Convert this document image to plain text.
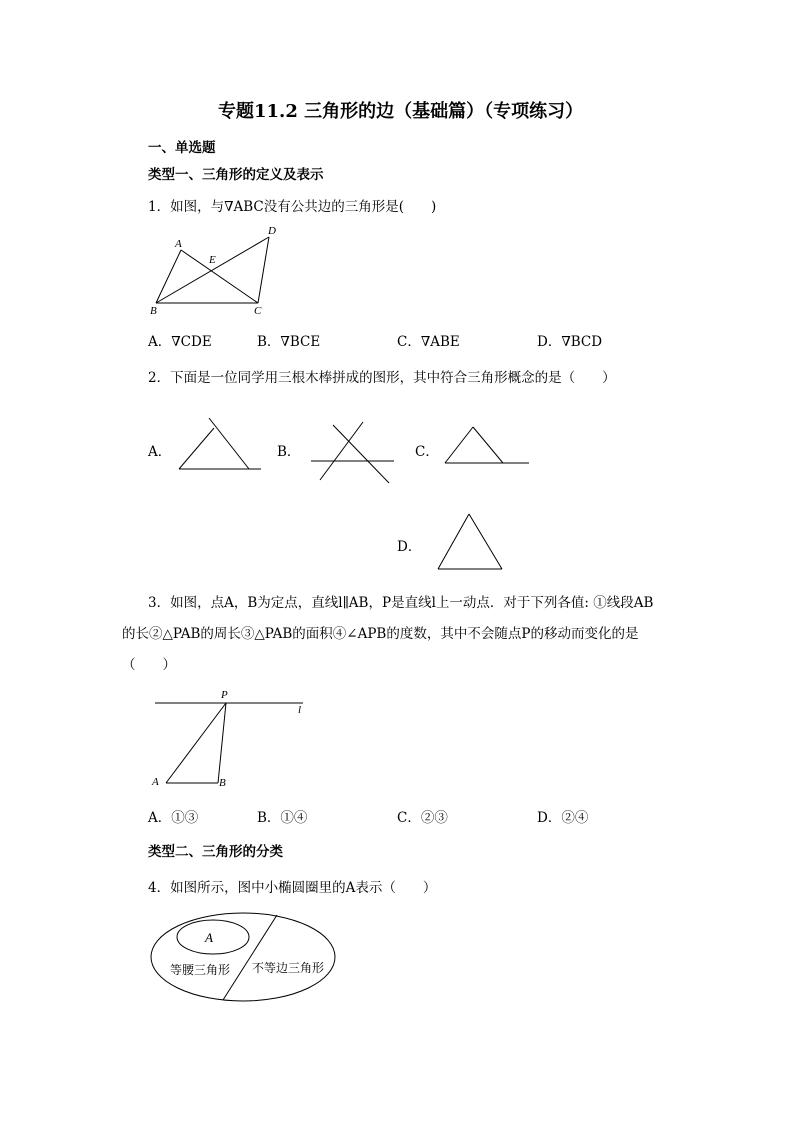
专题11.2 三角形的边（基础篇）（专项练习）
一、单选题
类型一、三角形的定义及表示
1．如图，与∇ABC没有公共边的三角形是(　　)
A
D
E
B	C
A．∇CDE	B．∇BCE	C．∇ABE	D．∇BCD
2．下面是一位同学用三根木棒拼成的图形，其中符合三角形概念的是（　　）
A．	B．	C．
D．
3．如图，点A，B为定点，直线l∥AB，P是直线l上一动点．对于下列各值: ①线段AB
的长②△PAB的周长③△PAB的面积④∠APB的度数，其中不会随点P的移动而变化的是
（　　）
P
l
A	B
A．①③	B．①④	C．②③	D．②④
类型二、三角形的分类
4．如图所示，图中小椭圆圈里的A表示（　　）
A
等腰三角形 不等边三角形
